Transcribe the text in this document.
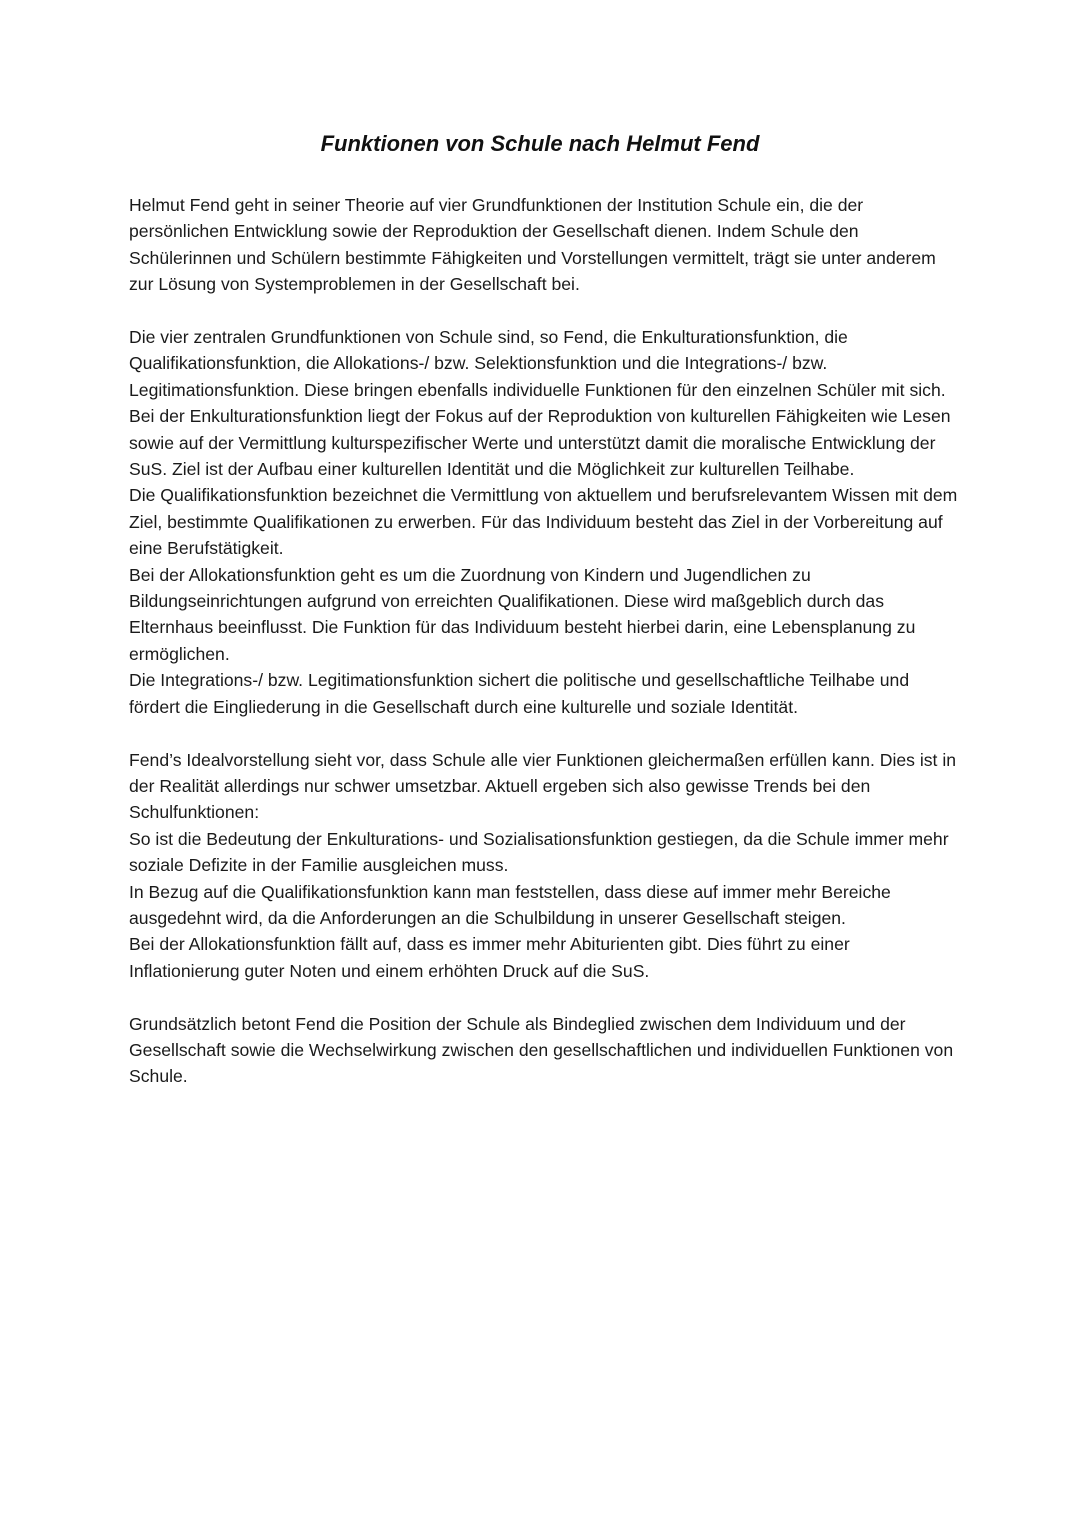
Funktionen von Schule nach Helmut Fend

Helmut Fend geht in seiner Theorie auf vier Grundfunktionen der Institution Schule ein, die der persönlichen Entwicklung sowie der Reproduktion der Gesellschaft dienen. Indem Schule den Schülerinnen und Schülern bestimmte Fähigkeiten und Vorstellungen vermittelt, trägt sie unter anderem zur Lösung von Systemproblemen in der Gesellschaft bei.

Die vier zentralen Grundfunktionen von Schule sind, so Fend, die Enkulturationsfunktion, die Qualifikationsfunktion, die Allokations-/ bzw. Selektionsfunktion und die Integrations-/ bzw. Legitimationsfunktion. Diese bringen ebenfalls individuelle Funktionen für den einzelnen Schüler mit sich.

Bei der Enkulturationsfunktion liegt der Fokus auf der Reproduktion von kulturellen Fähigkeiten wie Lesen sowie auf der Vermittlung kulturspezifischer Werte und unterstützt damit die moralische Entwicklung der SuS. Ziel ist der Aufbau einer kulturellen Identität und die Möglichkeit zur kulturellen Teilhabe.

Die Qualifikationsfunktion bezeichnet die Vermittlung von aktuellem und berufsrelevantem Wissen mit dem Ziel, bestimmte Qualifikationen zu erwerben. Für das Individuum besteht das Ziel in der Vorbereitung auf eine Berufstätigkeit.

Bei der Allokationsfunktion geht es um die Zuordnung von Kindern und Jugendlichen zu Bildungseinrichtungen aufgrund von erreichten Qualifikationen. Diese wird maßgeblich durch das Elternhaus beeinflusst. Die Funktion für das Individuum besteht hierbei darin, eine Lebensplanung zu ermöglichen.

Die Integrations-/ bzw. Legitimationsfunktion sichert die politische und gesellschaftliche Teilhabe und fördert die Eingliederung in die Gesellschaft durch eine kulturelle und soziale Identität.

Fend’s Idealvorstellung sieht vor, dass Schule alle vier Funktionen gleichermaßen erfüllen kann. Dies ist in der Realität allerdings nur schwer umsetzbar. Aktuell ergeben sich also gewisse Trends bei den Schulfunktionen:

So ist die Bedeutung der Enkulturations- und Sozialisationsfunktion gestiegen, da die Schule immer mehr soziale Defizite in der Familie ausgleichen muss.

In Bezug auf die Qualifikationsfunktion kann man feststellen, dass diese auf immer mehr Bereiche ausgedehnt wird, da die Anforderungen an die Schulbildung in unserer Gesellschaft steigen.

Bei der Allokationsfunktion fällt auf, dass es immer mehr Abiturienten gibt. Dies führt zu einer Inflationierung guter Noten und einem erhöhten Druck auf die SuS.

Grundsätzlich betont Fend die Position der Schule als Bindeglied zwischen dem Individuum und der Gesellschaft sowie die Wechselwirkung zwischen den gesellschaftlichen und individuellen Funktionen von Schule.
